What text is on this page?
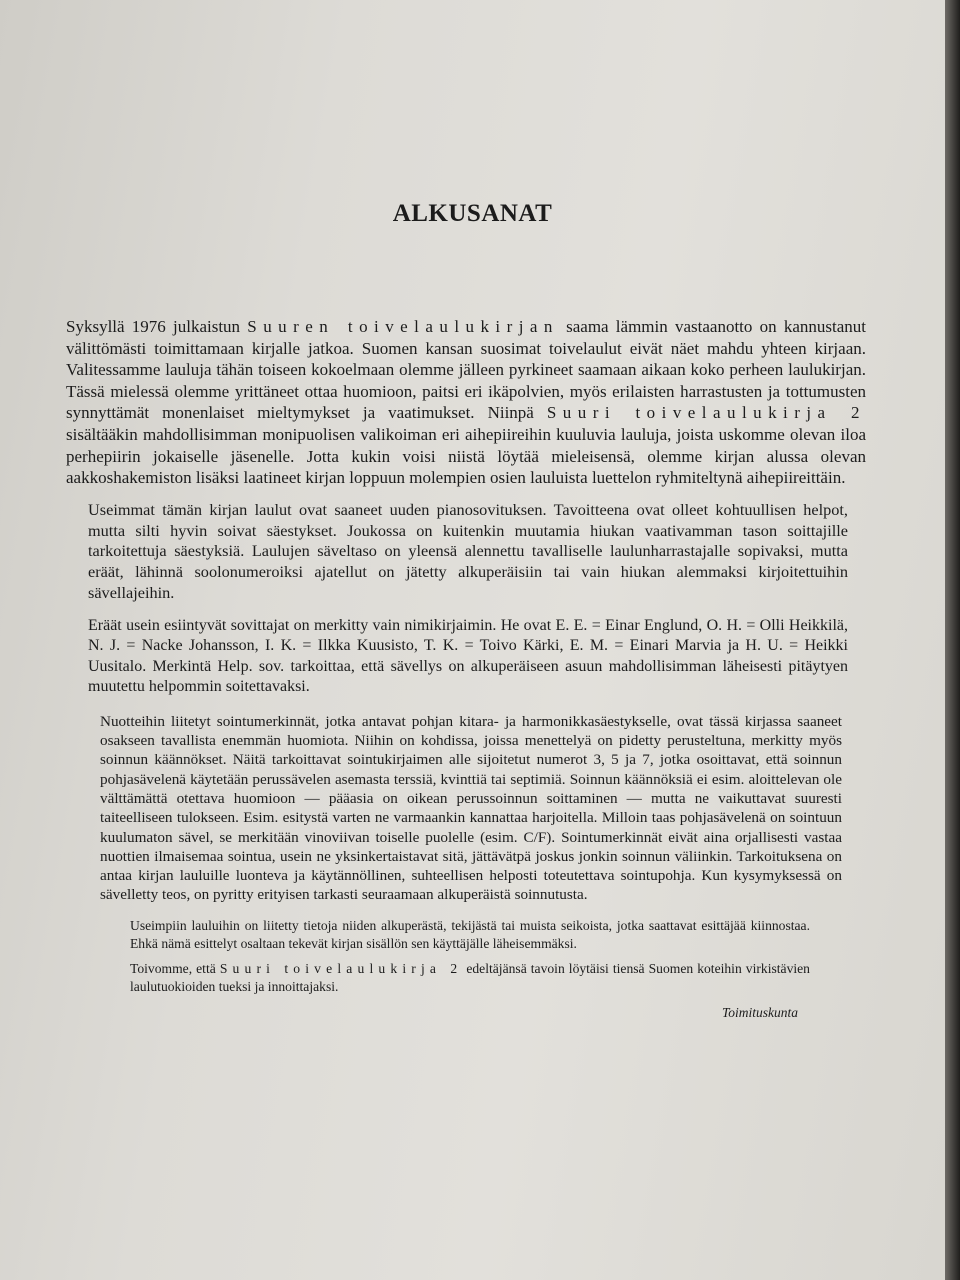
ALKUSANAT

Syksyllä 1976 julkaistun Suuren toivelaulukirjan saama lämmin vastaanotto on kannustanut välittömästi toimittamaan kirjalle jatkoa. Suomen kansan suosimat toivelaulut eivät näet mahdu yhteen kirjaan. Valitessamme lauluja tähän toiseen kokoelmaan olemme jälleen pyrkineet saamaan aikaan koko perheen laulukirjan. Tässä mielessä olemme yrittäneet ottaa huomioon, paitsi eri ikäpolvien, myös erilaisten harrastusten ja tottumusten synnyttämät monenlaiset mieltymykset ja vaatimukset. Niinpä Suuri toivelaulukirja 2 sisältääkin mahdollisimman monipuolisen valikoiman eri aihepiireihin kuuluvia lauluja, joista uskomme olevan iloa perhepiirin jokaiselle jäsenelle. Jotta kukin voisi niistä löytää mieleisensä, olemme kirjan alussa olevan aakkoshakemiston lisäksi laatineet kirjan loppuun molempien osien lauluista luettelon ryhmiteltynä aihepiireittäin.

Useimmat tämän kirjan laulut ovat saaneet uuden pianosovituksen. Tavoitteena ovat olleet kohtuullisen helpot, mutta silti hyvin soivat säestykset. Joukossa on kuitenkin muutamia hiukan vaativamman tason soittajille tarkoitettuja säestyksiä. Laulujen säveltaso on yleensä alennettu tavalliselle laulunharrastajalle sopivaksi, mutta eräät, lähinnä soolonumeroiksi ajatellut on jätetty alkuperäisiin tai vain hiukan alemmaksi kirjoitettuihin sävellajeihin.

Eräät usein esiintyvät sovittajat on merkitty vain nimikirjaimin. He ovat E. E. = Einar Englund, O. H. = Olli Heikkilä, N. J. = Nacke Johansson, I. K. = Ilkka Kuusisto, T. K. = Toivo Kärki, E. M. = Einari Marvia ja H. U. = Heikki Uusitalo. Merkintä Help. sov. tarkoittaa, että sävellys on alkuperäiseen asuun mahdollisimman läheisesti pitäytyen muutettu helpommin soitettavaksi.

Nuotteihin liitetyt sointumerkinnät, jotka antavat pohjan kitara- ja harmonikkasäestykselle, ovat tässä kirjassa saaneet osakseen tavallista enemmän huomiota. Niihin on kohdissa, joissa menettelyä on pidetty perusteltuna, merkitty myös soinnun käännökset. Näitä tarkoittavat sointukirjaimen alle sijoitetut numerot 3, 5 ja 7, jotka osoittavat, että soinnun pohjasävelenä käytetään perussävelen asemasta terssiä, kvinttiä tai septimiä. Soinnun käännöksiä ei esim. aloittelevan ole välttämättä otettava huomioon — pääasia on oikean perussoinnun soittaminen — mutta ne vaikuttavat suuresti taiteelliseen tulokseen. Esim. esitystä varten ne varmaankin kannattaa harjoitella. Milloin taas pohjasävelenä on sointuun kuulumaton sävel, se merkitään vinoviivan toiselle puolelle (esim. C/F). Sointumerkinnät eivät aina orjallisesti vastaa nuottien ilmaisemaa sointua, usein ne yksinkertaistavat sitä, jättävätpä joskus jonkin soinnun väliinkin. Tarkoituksena on antaa kirjan lauluille luonteva ja käytännöllinen, suhteellisen helposti toteutettava sointupohja. Kun kysymyksessä on sävelletty teos, on pyritty erityisen tarkasti seuraamaan alkuperäistä soinnutusta.

Useimpiin lauluihin on liitetty tietoja niiden alkuperästä, tekijästä tai muista seikoista, jotka saattavat esittäjää kiinnostaa. Ehkä nämä esittelyt osaltaan tekevät kirjan sisällön sen käyttäjälle läheisemmäksi.

Toivomme, että Suuri toivelaulukirja 2 edeltäjänsä tavoin löytäisi tiensä Suomen koteihin virkistävien laulutuokioiden tueksi ja innoittajaksi.

Toimituskunta
